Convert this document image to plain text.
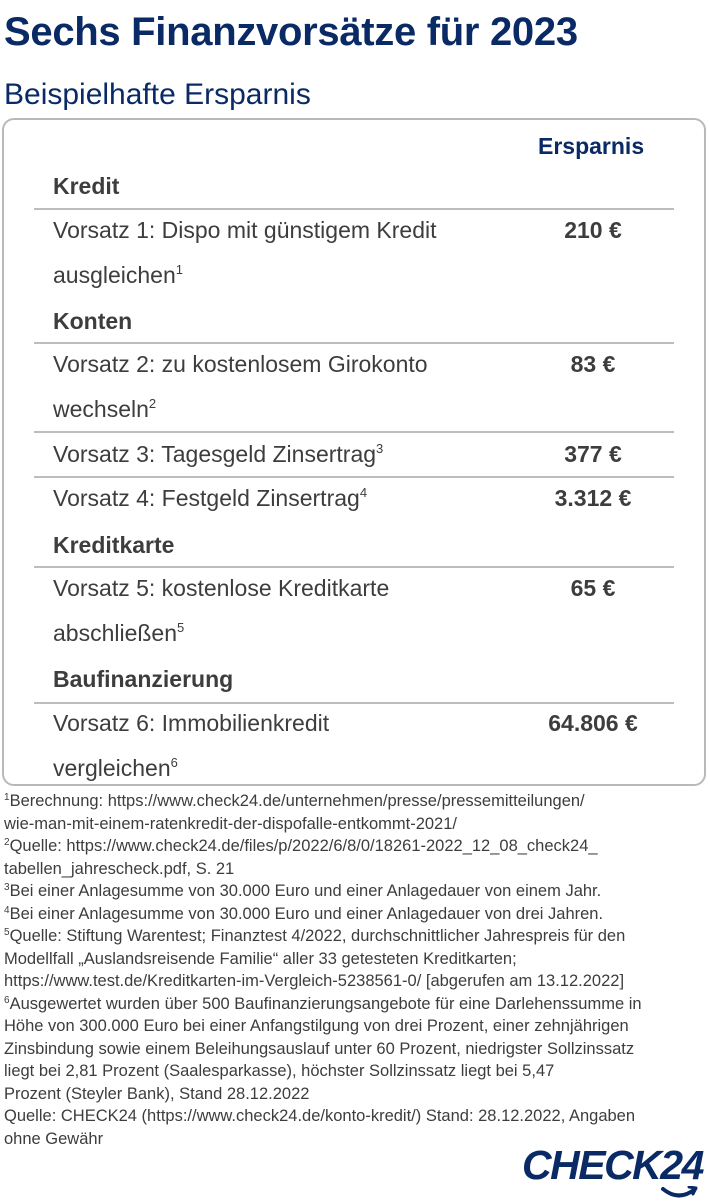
Sechs Finanzvorsätze für 2023
Beispielhafte Ersparnis
Ersparnis
Kredit
Vorsatz 1: Dispo mit günstigem Kredit
ausgleichen$^1$
210 €
Konten
Vorsatz 2: zu kostenlosem Girokonto
wechseln$^2$
83 €
Vorsatz 3: Tagesgeld Zinsertrag$^3$	377 €
Vorsatz 4: Festgeld Zinsertrag$^4$	3.312 €
Kreditkarte
Vorsatz 5: kostenlose Kreditkarte
abschließen$^5$
65 €
Baufinanzierung
Vorsatz 6: Immobilienkredit
vergleichen$^6$
64.806 €

$^1$Berechnung: https://www.check24.de/unternehmen/presse/pressemitteilungen/
wie-man-mit-einem-ratenkredit-der-dispofalle-entkommt-2021/

$^2$Quelle: https://www.check24.de/files/p/2022/6/8/0/18261-2022_12_08_check24_
tabellen_jahrescheck.pdf, S. 21

$^3$Bei einer Anlagesumme von 30.000 Euro und einer Anlagedauer von einem Jahr.

$^4$Bei einer Anlagesumme von 30.000 Euro und einer Anlagedauer von drei Jahren.

$^5$Quelle: Stiftung Warentest; Finanztest 4/2022, durchschnittlicher Jahrespreis für den
Modellfall „Auslandsreisende Familie“ aller 33 getesteten Kreditkarten;
https://www.test.de/Kreditkarten-im-Vergleich-5238561-0/ [abgerufen am 13.12.2022]

$^6$Ausgewertet wurden über 500 Baufinanzierungsangebote für eine Darlehenssumme in
Höhe von 300.000 Euro bei einer Anfangstilgung von drei Prozent, einer zehnjährigen
Zinsbindung sowie einem Beleihungsauslauf unter 60 Prozent, niedrigster Sollzinssatz
liegt bei 2,81 Prozent (Saalesparkasse), höchster Sollzinssatz liegt bei 5,47
Prozent (Steyler Bank), Stand 28.12.2022

Quelle: CHECK24 (https://www.check24.de/konto-kredit/) Stand: 28.12.2022, Angaben
ohne Gewähr

CHECK24
